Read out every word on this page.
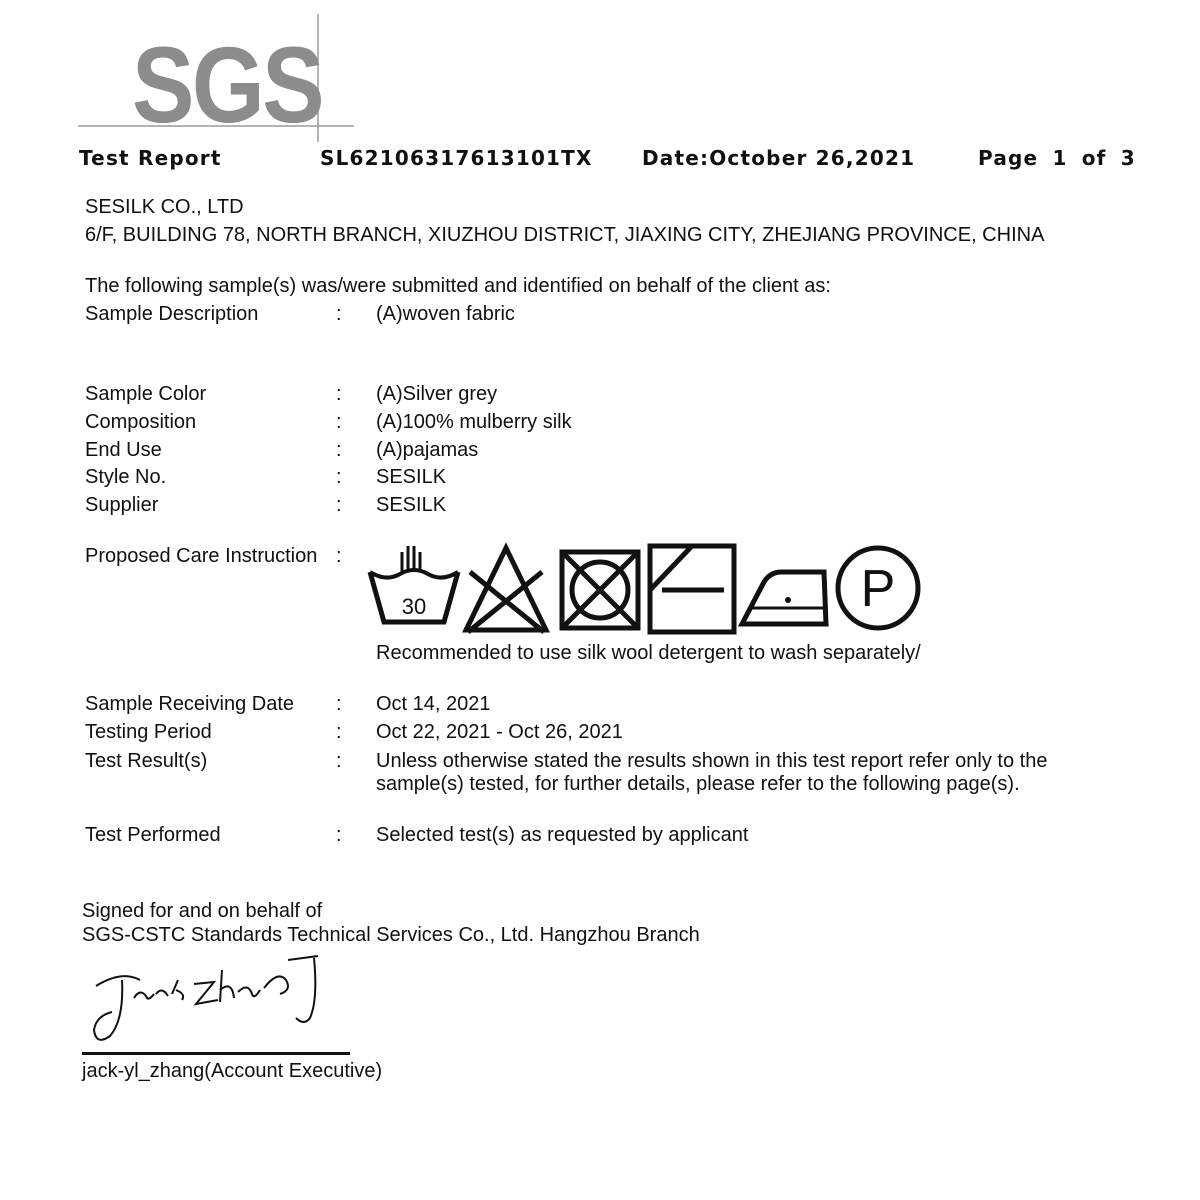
SGS
Test Report	SL62106317613101TX Date:October 26,2021	Page 1 of 3
SESILK CO., LTD
6/F, BUILDING 78, NORTH BRANCH, XIUZHOU DISTRICT, JIAXING CITY, ZHEJIANG PROVINCE, CHINA
The following sample(s) was/were submitted and identified on behalf of the client as:
Sample Description	: (A)woven fabric
Sample Color	: (A)Silver grey
Composition	: (A)100% mulberry silk
End Use	: (A)pajamas
Style No.	: SESILK
Supplier	: SESILK
Proposed Care Instruction :
30	P
Recommended to use silk wool detergent to wash separately/
Sample Receiving Date : Oct 14, 2021
Testing Period	: Oct 22, 2021 - Oct 26, 2021
Test Result(s)	: Unless otherwise stated the results shown in this test report refer only to the
sample(s) tested, for further details, please refer to the following page(s).
Test Performed	: Selected test(s) as requested by applicant
Signed for and on behalf of
SGS-CSTC Standards Technical Services Co., Ltd. Hangzhou Branch
jack-yl_zhang(Account Executive)
